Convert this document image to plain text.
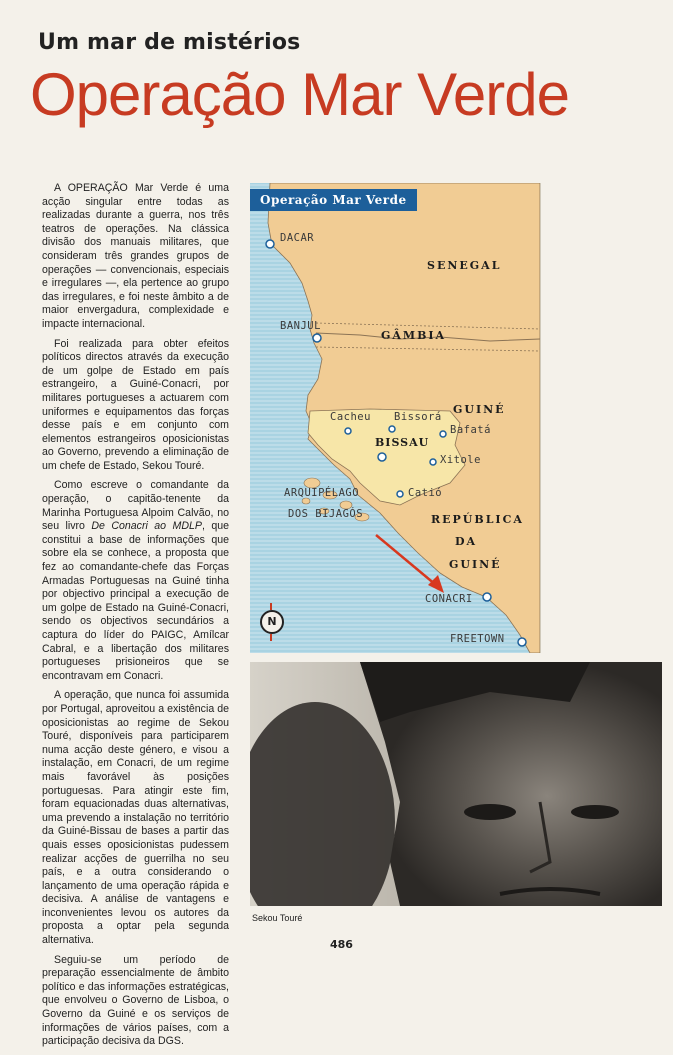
Um mar de mistérios
Operação Mar Verde

A OPERAÇÃO Mar Verde é uma acção singular entre todas as realizadas durante a guerra, nos três teatros de operações. Na clássica divisão dos manuais militares, que consideram três grandes grupos de operações — convencionais, especiais e irregulares —, ela pertence ao grupo das irregulares, e foi neste âmbito a de maior envergadura, complexidade e impacte internacional.

Foi realizada para obter efeitos políticos directos através da execução de um golpe de Estado em país estrangeiro, a Guiné-Conacri, por militares portugueses a actuarem com uniformes e equipamentos das forças desse país e em conjunto com elementos estrangeiros oposicionistas ao Governo, prevendo a eliminação de um chefe de Estado, Sekou Touré.

Como escreve o comandante da operação, o capitão-tenente da Marinha Portuguesa Alpoim Calvão, no seu livro De Conacri ao MDLP, que constitui a base de informações que sobre ela se conhece, a proposta que fez ao comandante-chefe das Forças Armadas Portuguesas na Guiné tinha por objectivo principal a execução de um golpe de Estado na Guiné-Conacri, sendo os objectivos secundários a captura do líder do PAIGC, Amílcar Cabral, e a libertação dos militares portugueses prisioneiros que se encontravam em Conacri.

A operação, que nunca foi assumida por Portugal, aproveitou a existência de oposicionistas ao regime de Sekou Touré, disponíveis para participarem numa acção deste género, e visou a instalação, em Conacri, de um regime mais favorável às posições portuguesas. Para atingir este fim, foram equacionadas duas alternativas, uma prevendo a instalação no território da Guiné-Bissau de bases a partir das quais esses oposicionistas pudessem realizar acções de guerrilha no seu país, e a outra considerando o lançamento de uma operação rápida e decisiva. A análise de vantagens e inconvenientes levou os autores da proposta a optar pela segunda alternativa.

Seguiu-se um período de preparação essencialmente de âmbito político e das informações estratégicas, que envolveu o Governo de Lisboa, o Governo da Guiné e os serviços de informações de vários países, com a participação decisiva da DGS.

Operação Mar Verde
DACAR
SENEGAL
BANJUL
GÂMBIA
GUINÉ
Cacheu Bissorá
Bafatá
BISSAU
Xitole
ARQUIPÉLAGO
DOS BIJAGÓS
Catió
REPÚBLICA
DA
GUINÉ
CONACRI
FREETOWN
N
Sekou Touré
486
